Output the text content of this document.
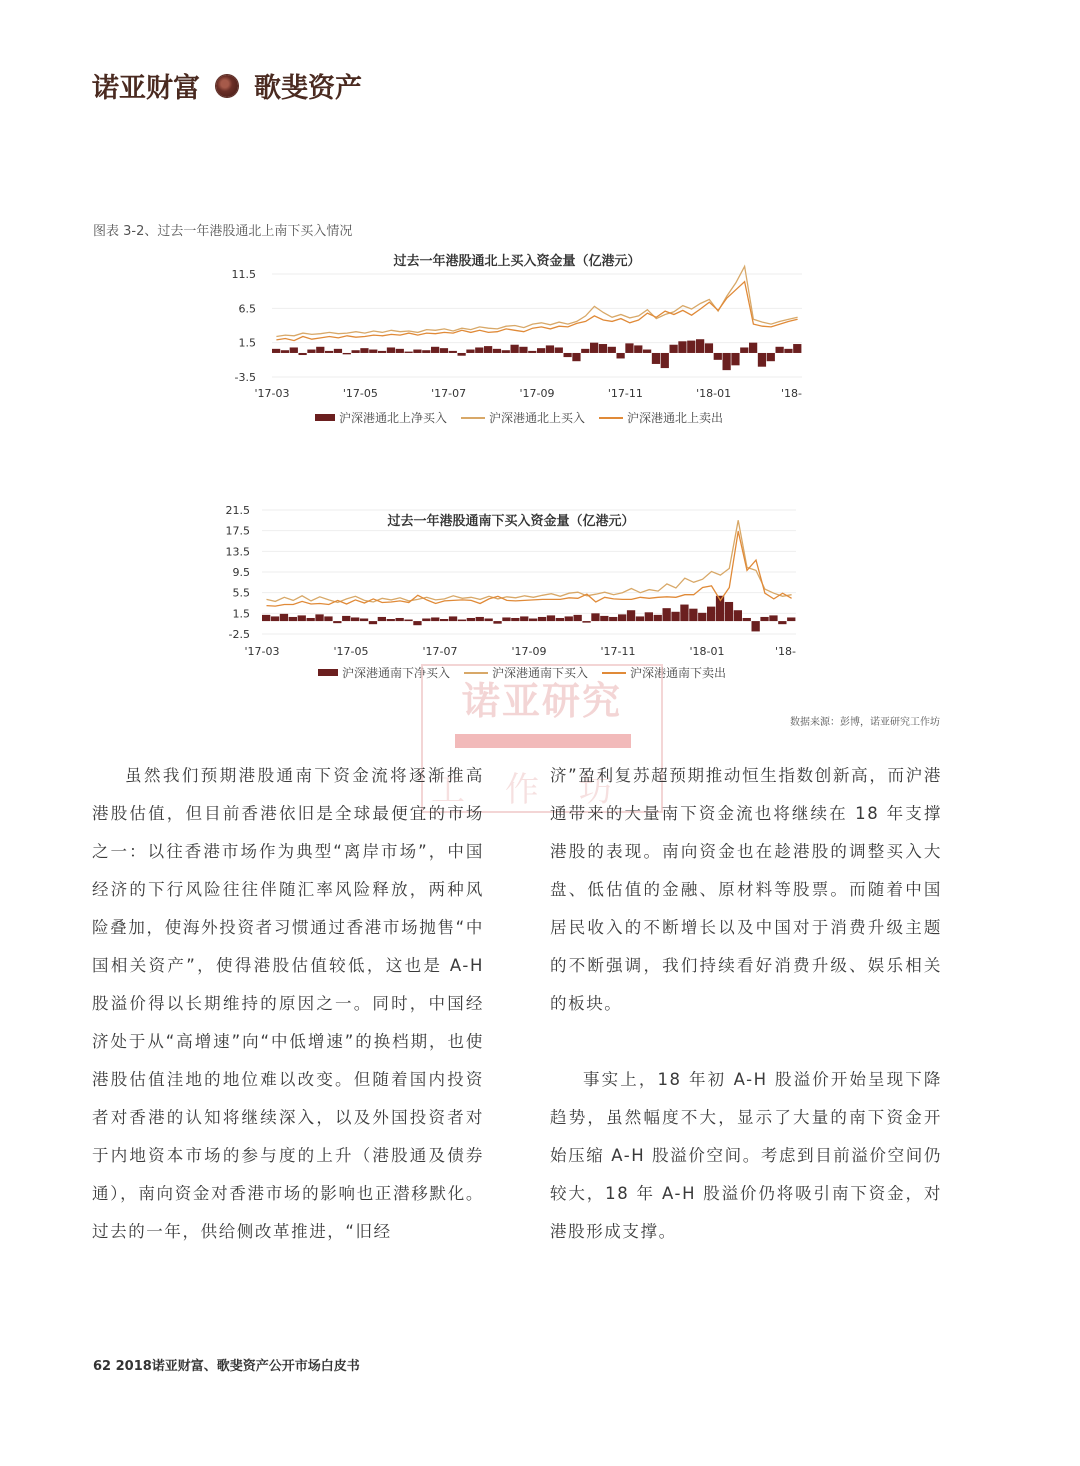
诺亚财富 歌斐资产
图表 3-2、过去一年港股通北上南下买入情况
过去一年港股通北上买入资金量（亿港元）
11.5
6.5
1.5
-3.5
'17-03	'17-05	'17-07	'17-09	'17-11	'18-01	'18-
沪深港通北上净买入	沪深港通北上买入	沪深港通北上卖出
过去一年港股通南下买入资金量（亿港元）
21.5
17.5
13.5
9.5
5.5
1.5
-2.5
'17-03	'17-05	'17-07	'17-09	'17-11	'18-01	'18-
沪深港通南下净买入	沪深港通南下买入	沪深港通南下卖出
数据来源：彭博，诺亚研究工作坊
诺亚研究
工作坊

虽然我们预期港股通南下资金流将逐渐推高港股估值，但目前香港依旧是全球最便宜的市场之一：以往香港市场作为典型“离岸市场”，中国经济的下行风险往往伴随汇率风险释放，两种风险叠加，使海外投资者习惯通过香港市场抛售“中国相关资产”，使得港股估值较低，这也是 A-H 股溢价得以长期维持的原因之一。同时，中国经济处于从“高增速”向“中低增速”的换档期，也使港股估值洼地的地位难以改变。但随着国内投资者对香港的认知将继续深入，以及外国投资者对于内地资本市场的参与度的上升（港股通及债券通），南向资金对香港市场的影响也正潜移默化。过去的一年，供给侧改革推进，“旧经

济”盈利复苏超预期推动恒生指数创新高，而沪港通带来的大量南下资金流也将继续在 18 年支撑港股的表现。南向资金也在趁港股的调整买入大盘、低估值的金融、原材料等股票。而随着中国居民收入的不断增长以及中国对于消费升级主题的不断强调，我们持续看好消费升级、娱乐相关的板块。

事实上，18 年初 A-H 股溢价开始呈现下降趋势，虽然幅度不大，显示了大量的南下资金开始压缩 A-H 股溢价空间。考虑到目前溢价空间仍较大，18 年 A-H 股溢价仍将吸引南下资金，对港股形成支撑。

62 2018诺亚财富、歌斐资产公开市场白皮书
